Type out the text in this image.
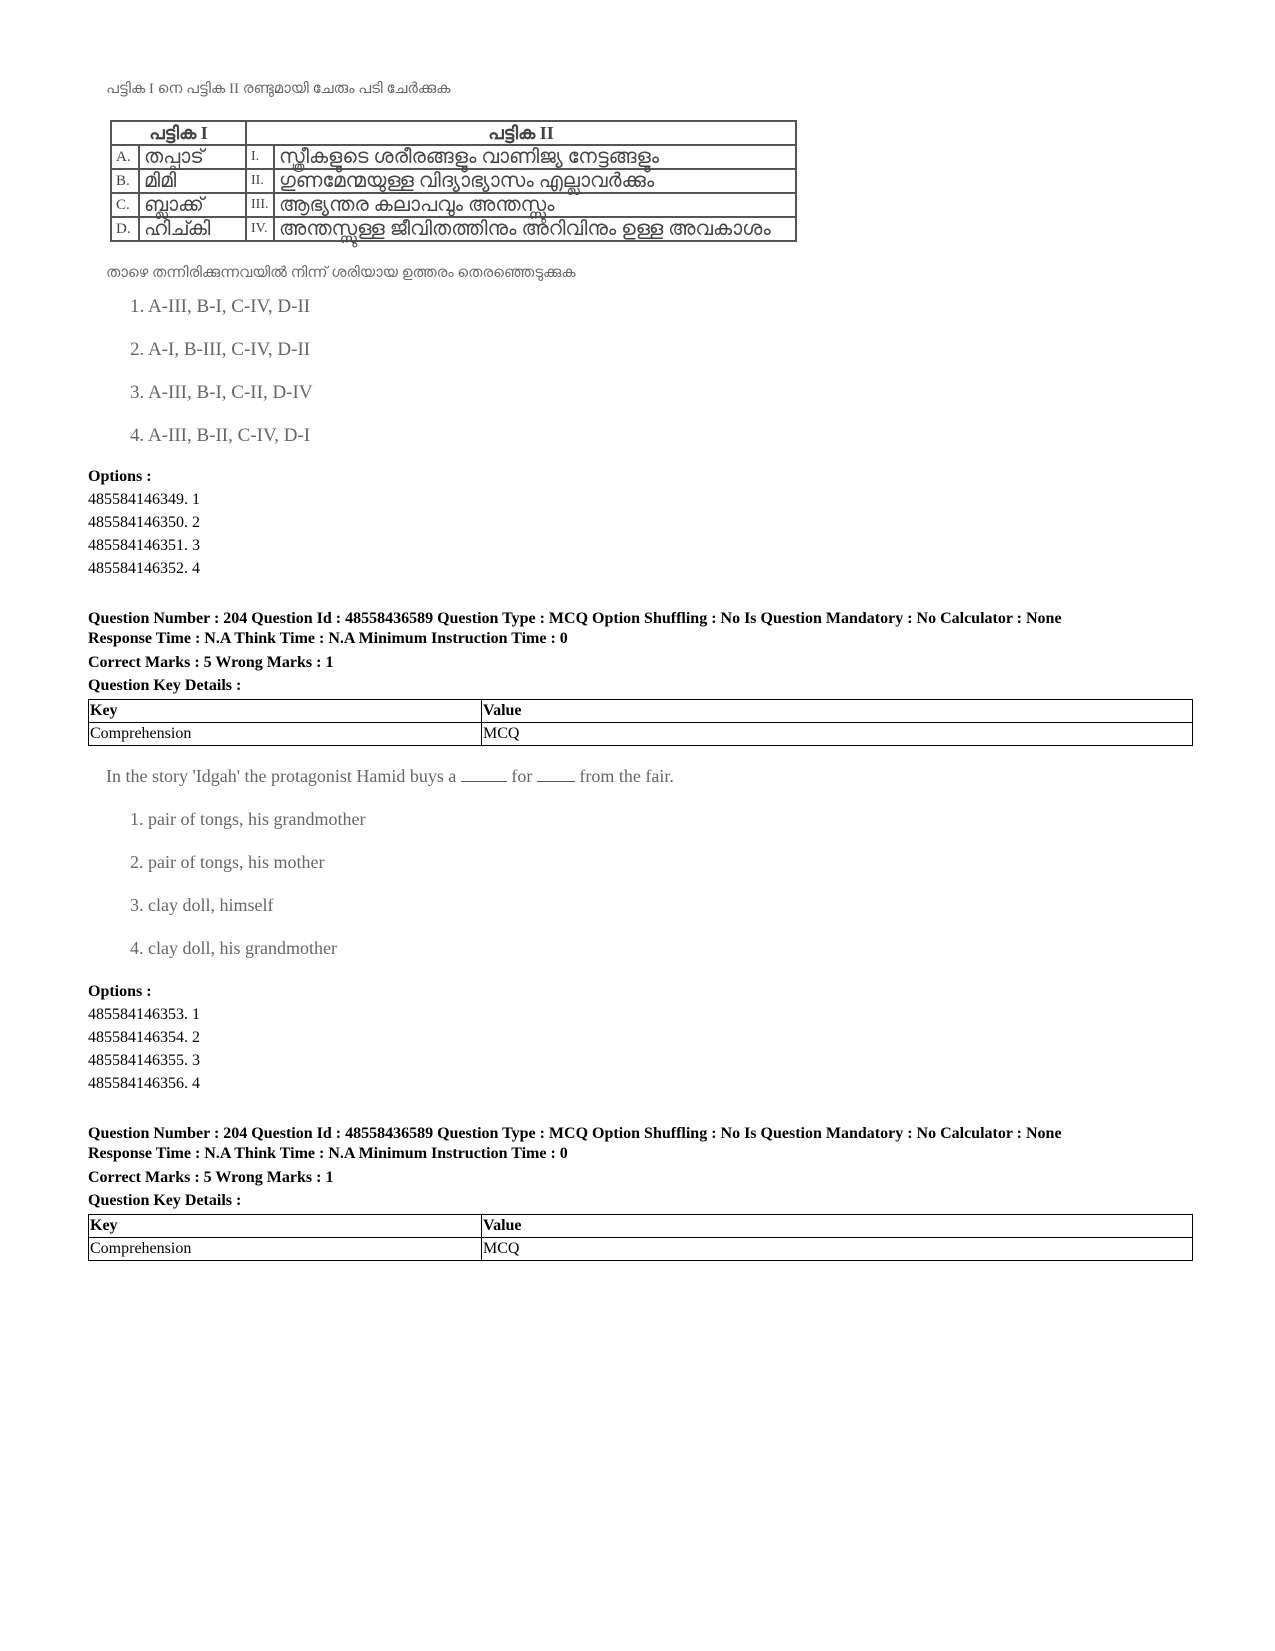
പട്ടിക I നെ പട്ടിക II രണ്ടുമായി ചേരും പടി ചേർക്കുക
പട്ടിക I		പട്ടിക II	
A.	തപ്പാട്	I.	സ്ത്രീകളുടെ ശരീരങ്ങളും വാണിജ്യ നേട്ടങ്ങളും
B.	മിമി	II.	ഗുണമേന്മയുള്ള വിദ്യാഭ്യാസം എല്ലാവർക്കും
C.	ബ്ലാക്ക്	III.	ആഭ്യന്തര കലാപവും അന്തസ്സും
D.	ഹിച്കി	IV.	അന്തസ്സുള്ള ജീവിതത്തിനും അറിവിനും ഉള്ള അവകാശം
താഴെ തന്നിരിക്കുന്നവയിൽ നിന്ന് ശരിയായ ഉത്തരം തെരഞ്ഞെടുക്കുക
1. A-III, B-I, C-IV, D-II
2. A-I, B-III, C-IV, D-II
3. A-III, B-I, C-II, D-IV
4. A-III, B-II, C-IV, D-I
Options :
485584146349. 1
485584146350. 2
485584146351. 3
485584146352. 4
Question Number : 204 Question Id : 48558436589 Question Type : MCQ Option Shuffling : No Is Question Mandatory : No Calculator : None
Response Time : N.A Think Time : N.A Minimum Instruction Time : 0
Correct Marks : 5 Wrong Marks : 1
Question Key Details :
Key	Value
Comprehension	MCQ
In the story 'Idgah' the protagonist Hamid buys a	for	from the fair.
1. pair of tongs, his grandmother
2. pair of tongs, his mother
3. clay doll, himself
4. clay doll, his grandmother
Options :
485584146353. 1
485584146354. 2
485584146355. 3
485584146356. 4
Question Number : 204 Question Id : 48558436589 Question Type : MCQ Option Shuffling : No Is Question Mandatory : No Calculator : None
Response Time : N.A Think Time : N.A Minimum Instruction Time : 0
Correct Marks : 5 Wrong Marks : 1
Question Key Details :
Key	Value
Comprehension	MCQ
